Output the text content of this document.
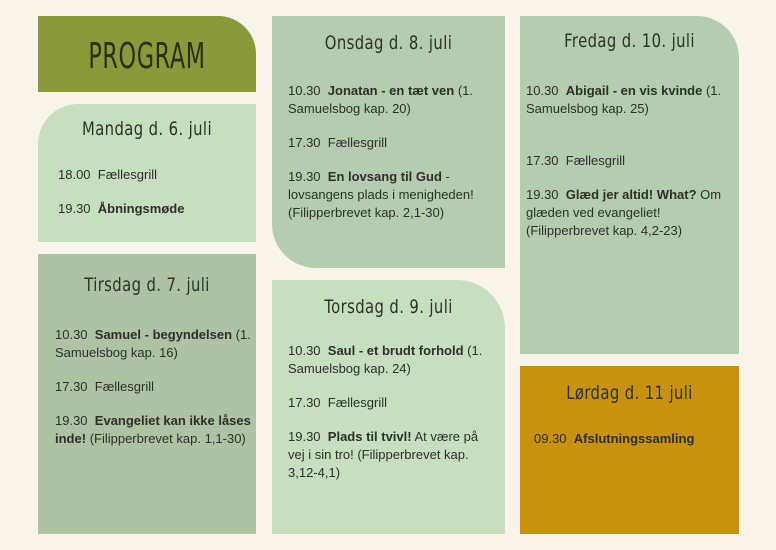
PROGRAM
Mandag d. 6. juli
18.00 Fællesgrill
19.30 Åbningsmøde
Tirsdag d. 7. juli
10.30 Samuel - begyndelsen (1. Samuelsbog kap. 16)
17.30 Fællesgrill
19.30 Evangeliet kan ikke låses inde! (Filipperbrevet kap. 1,1-30)
Onsdag d. 8. juli
10.30 Jonatan - en tæt ven (1. Samuelsbog kap. 20)
17.30 Fællesgrill
19.30 En lovsang til Gud - lovsangens plads i menigheden! (Filipperbrevet kap. 2,1-30)
Torsdag d. 9. juli
10.30 Saul - et brudt forhold (1. Samuelsbog kap. 24)
17.30 Fællesgrill
19.30 Plads til tvivl! At være på vej i sin tro! (Filipperbrevet kap. 3,12-4,1)
Fredag d. 10. juli
10.30 Abigail - en vis kvinde (1. Samuelsbog kap. 25)
17.30 Fællesgrill
19.30 Glæd jer altid! What? Om glæden ved evangeliet! (Filipperbrevet kap. 4,2-23)
Lørdag d. 11 juli
09.30 Afslutningssamling
